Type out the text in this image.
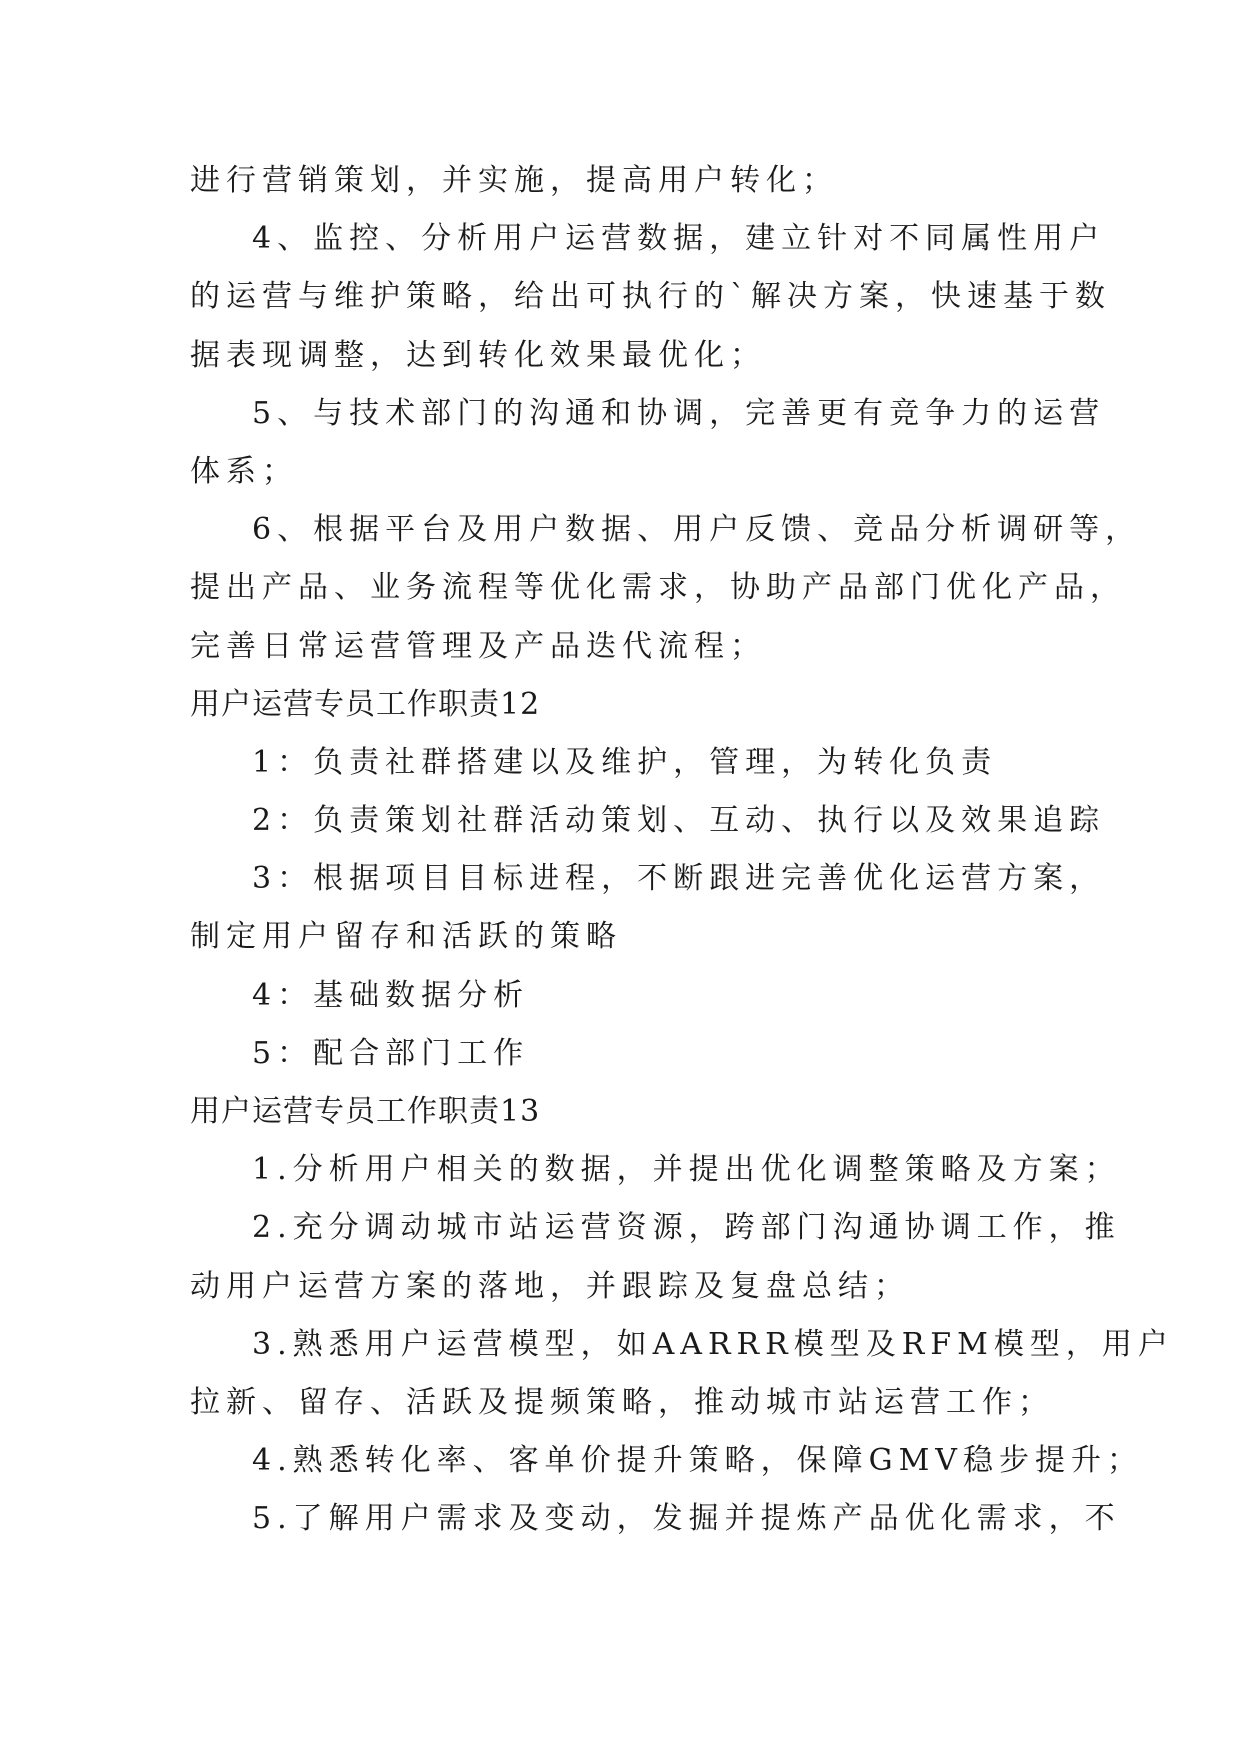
进行营销策划，并实施，提高用户转化；
4、监控、分析用户运营数据，建立针对不同属性用户
的运营与维护策略，给出可执行的`解决方案，快速基于数
据表现调整，达到转化效果最优化；
5、与技术部门的沟通和协调，完善更有竞争力的运营
体系；
6、根据平台及用户数据、用户反馈、竞品分析调研等，
提出产品、业务流程等优化需求，协助产品部门优化产品，
完善日常运营管理及产品迭代流程；
用户运营专员工作职责12
1：负责社群搭建以及维护，管理，为转化负责
2：负责策划社群活动策划、互动、执行以及效果追踪
3：根据项目目标进程，不断跟进完善优化运营方案，
制定用户留存和活跃的策略
4：基础数据分析
5：配合部门工作
用户运营专员工作职责13
1.分析用户相关的数据，并提出优化调整策略及方案；
2.充分调动城市站运营资源，跨部门沟通协调工作，推
动用户运营方案的落地，并跟踪及复盘总结；
3.熟悉用户运营模型，如AARRR模型及RFM模型，用户
拉新、留存、活跃及提频策略，推动城市站运营工作；
4.熟悉转化率、客单价提升策略，保障GMV稳步提升；
5.了解用户需求及变动，发掘并提炼产品优化需求，不
